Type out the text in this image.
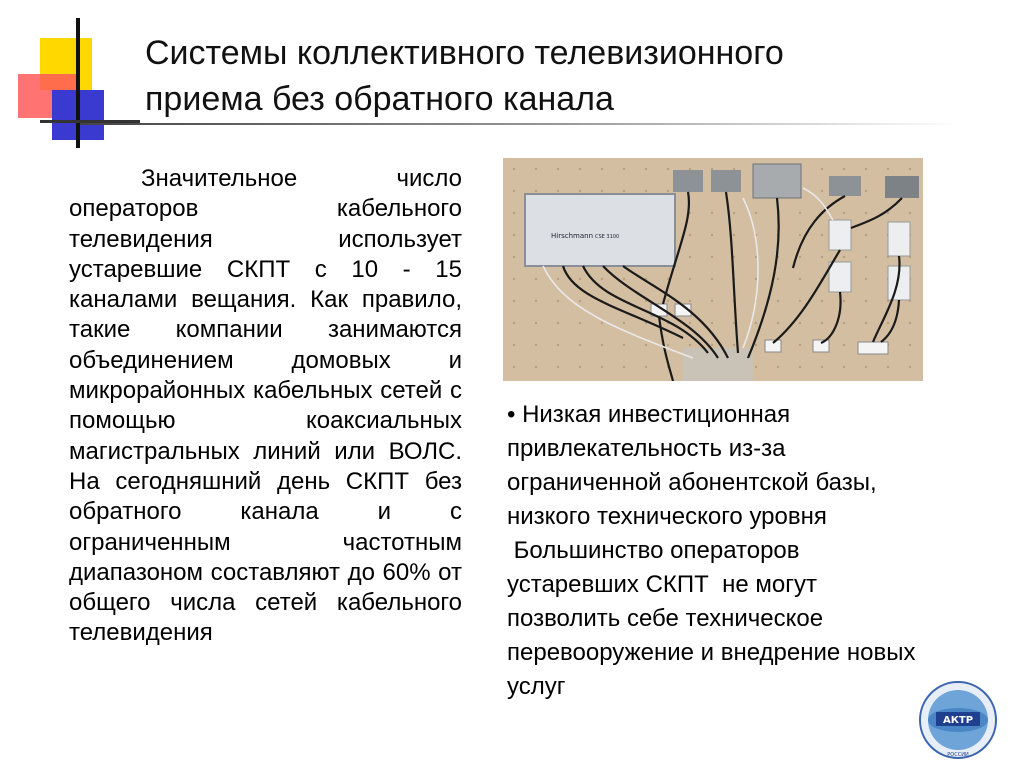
Системы коллективного телевизионного
приема без обратного канала
Значительное число операторов кабельного телевидения использует устаревшие СКПТ с 10 - 15 каналами вещания. Как правило, такие компании занимаются объединением домовых и микрорайонных кабельных сетей с помощью коаксиальных магистральных линий или ВОЛС. На сегодняшний день СКПТ без обратного канала и с ограниченным частотным диапазоном составляют до 60% от общего числа сетей кабельного телевидения
Hirschmann CSE 3100
• Низкая инвестиционная
привлекательность из-за
ограниченной абонентской базы,
низкого технического уровня
Большинство операторов
устаревших СКПТ  не могут
позволить себе техническое
перевооружение и внедрение новых
услуг
АКТР
РОССИИ
